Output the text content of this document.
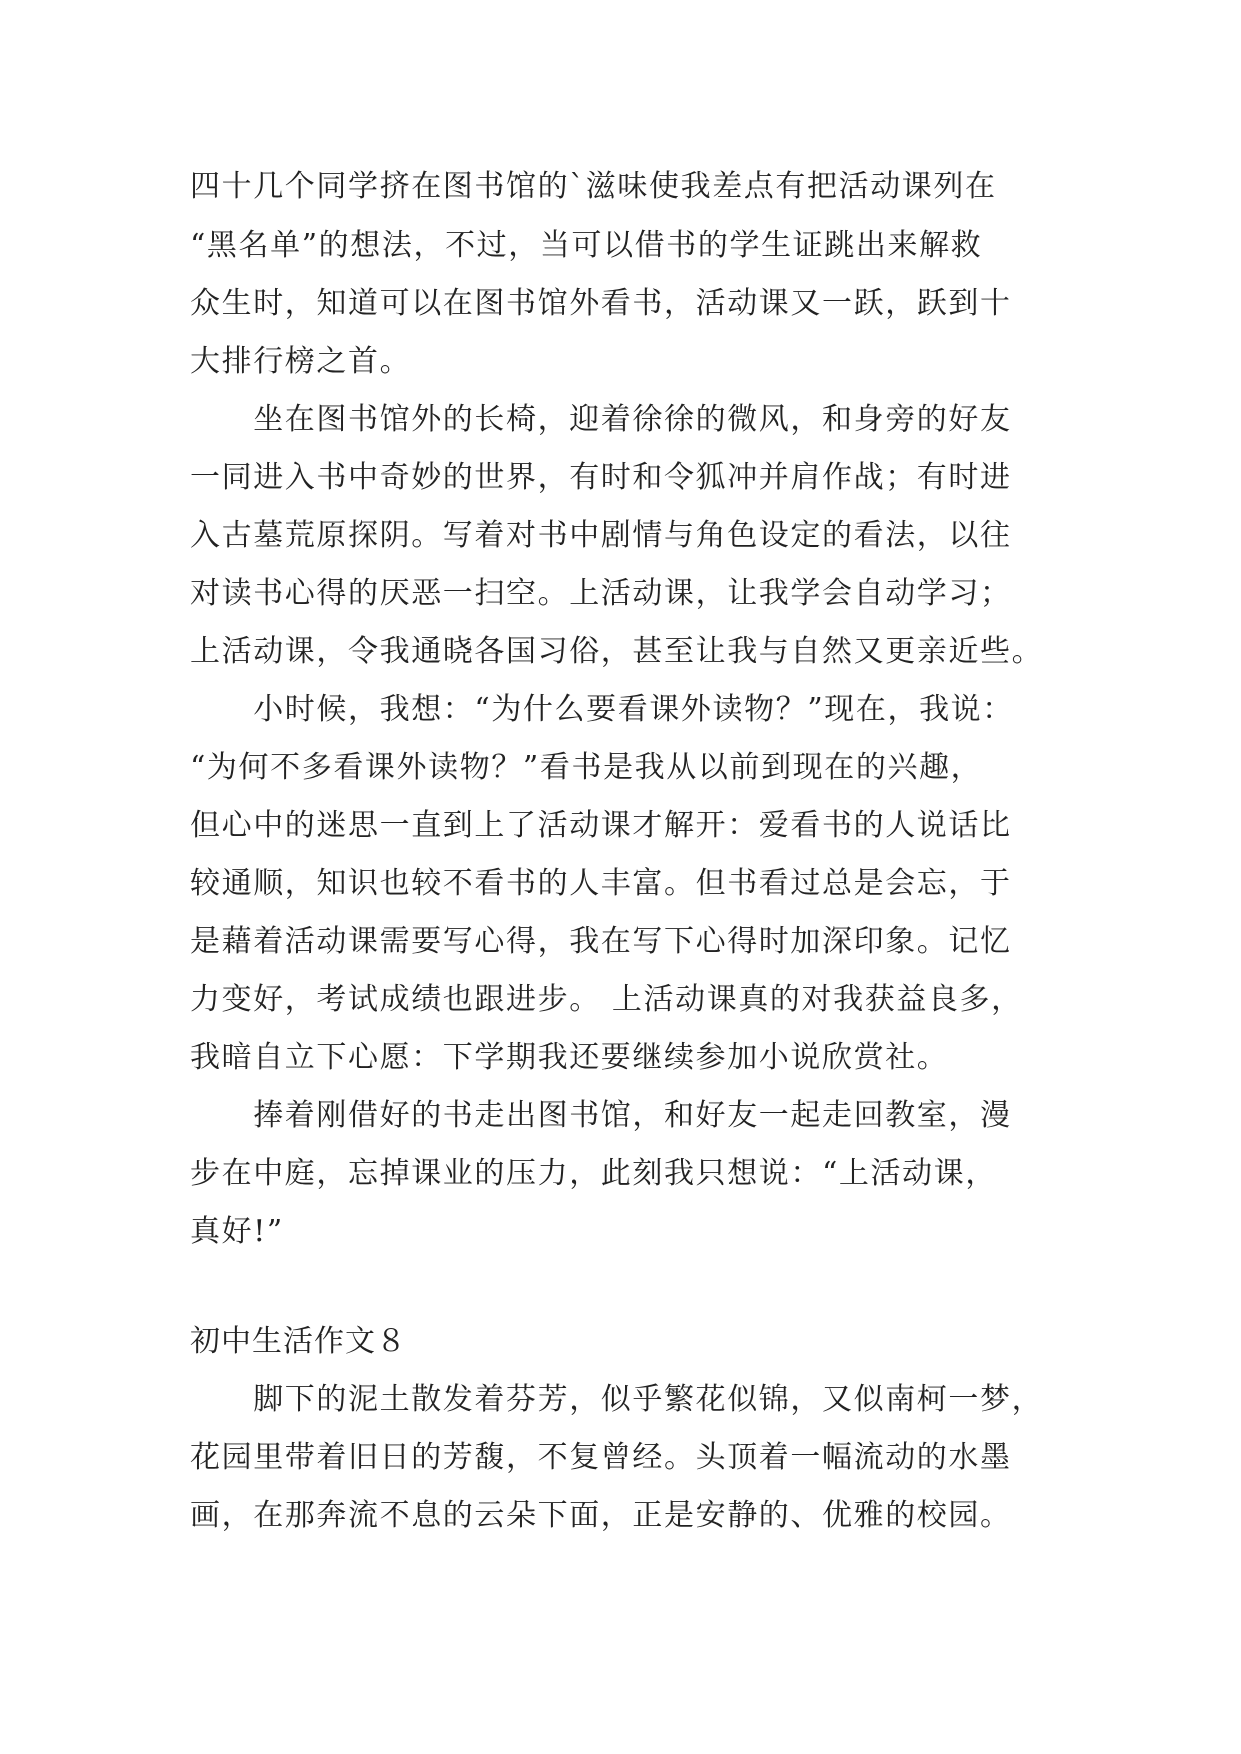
四十几个同学挤在图书馆的`滋味使我差点有把活动课列在

“黑名单”的想法，不过，当可以借书的学生证跳出来解救

众生时，知道可以在图书馆外看书，活动课又一跃，跃到十

大排行榜之首。

　　坐在图书馆外的长椅，迎着徐徐的微风，和身旁的好友

一同进入书中奇妙的世界，有时和令狐冲并肩作战；有时进

入古墓荒原探阴。写着对书中剧情与角色设定的看法，以往

对读书心得的厌恶一扫空。上活动课，让我学会自动学习；

上活动课，令我通晓各国习俗，甚至让我与自然又更亲近些。

　　小时候，我想：“为什么要看课外读物？”现在，我说：

“为何不多看课外读物？”看书是我从以前到现在的兴趣，

但心中的迷思一直到上了活动课才解开：爱看书的人说话比

较通顺，知识也较不看书的人丰富。但书看过总是会忘，于

是藉着活动课需要写心得，我在写下心得时加深印象。记忆

力变好，考试成绩也跟进步。 上活动课真的对我获益良多，

我暗自立下心愿：下学期我还要继续参加小说欣赏社。

　　捧着刚借好的书走出图书馆，和好友一起走回教室，漫

步在中庭，忘掉课业的压力，此刻我只想说：“上活动课，

真好!”

初中生活作文８

　　脚下的泥土散发着芬芳，似乎繁花似锦，又似南柯一梦，

花园里带着旧日的芳馥，不复曾经。头顶着一幅流动的水墨

画，在那奔流不息的云朵下面，正是安静的、优雅的校园。
